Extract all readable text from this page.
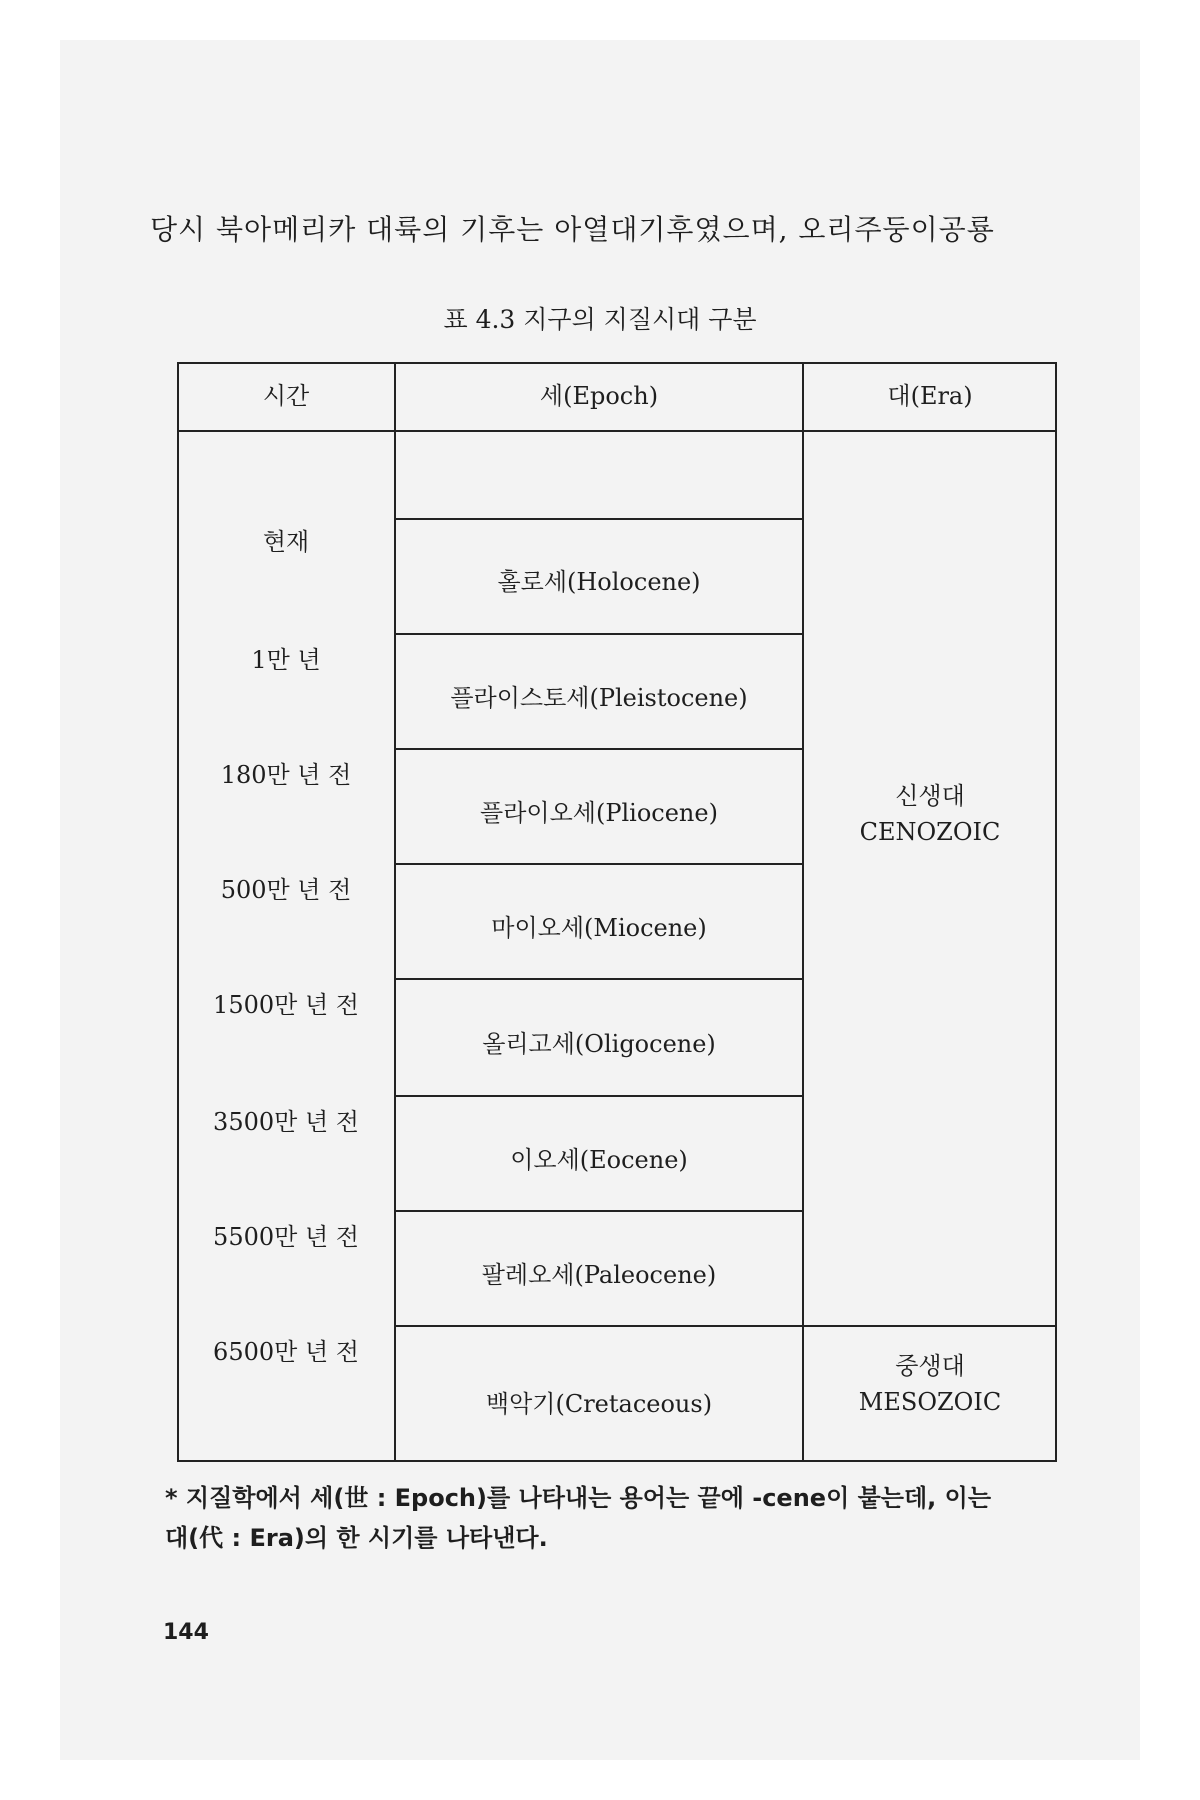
당시 북아메리카 대륙의 기후는 아열대기후였으며, 오리주둥이공룡
표 4.3 지구의 지질시대 구분
시간	세(Epoch)	대(Era)
현재
1만 년
180만 년 전
500만 년 전
1500만 년 전
3500만 년 전
5500만 년 전
6500만 년 전
홀로세(Holocene)
플라이스토세(Pleistocene)
플라이오세(Pliocene)
마이오세(Miocene)
올리고세(Oligocene)
이오세(Eocene)
팔레오세(Paleocene)
백악기(Cretaceous)
신생대
CENOZOIC
중생대
MESOZOIC
* 지질학에서 세(世 : Epoch)를 나타내는 용어는 끝에 -cene이 붙는데, 이는
대(代 : Era)의 한 시기를 나타낸다.
144
